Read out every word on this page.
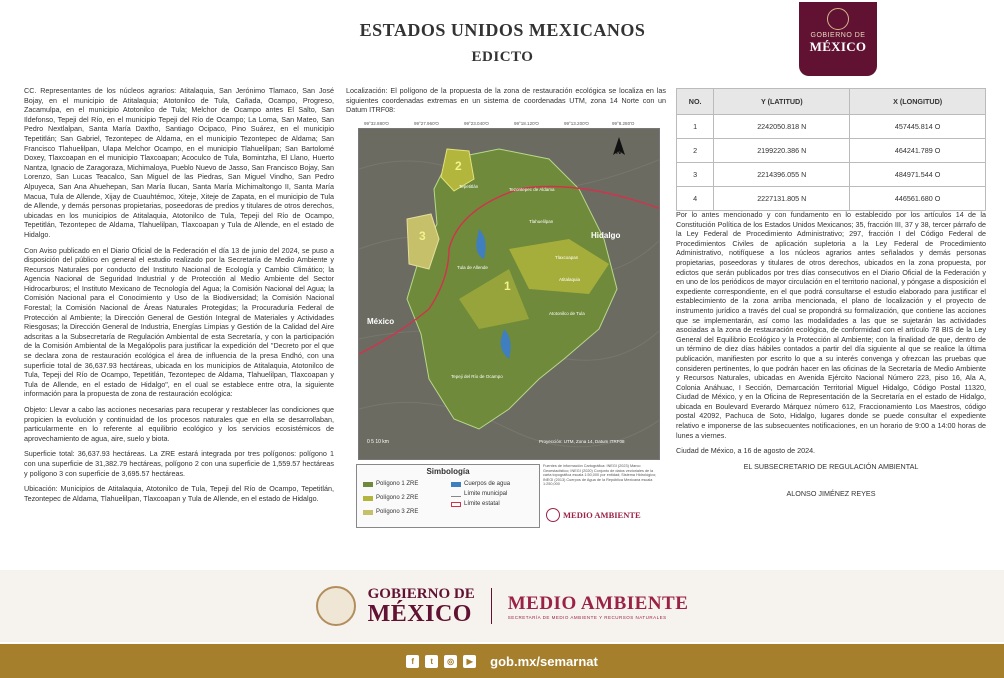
ESTADOS UNIDOS MEXICANOS
EDICTO
GOBIERNO DE
MÉXICO

CC. Representantes de los núcleos agrarios: Atitalaquia, San Jerónimo Tlamaco, San José Bojay, en el municipio de Atitalaquia; Atotonilco de Tula, Cañada, Ocampo, Progreso, Zacamulpa, en el municipio Atotonilco de Tula; Melchor de Ocampo antes El Salto, San Ildefonso, Tepeji del Río, en el municipio Tepeji del Río de Ocampo; La Loma, San Mateo, San Pedro Nextlalpan, Santa María Daxtho, Santiago Ocipaco, Pino Suárez, en el municipio Tepetitlán; San Gabriel, Tezontepec de Aldama, en el municipio Tezontepec de Aldama; San Francisco Tlahuelilpan, Ulapa Melchor Ocampo, en el municipio Tlahuelilpan; San Bartolomé Doxey, Tlaxcoapan en el municipio Tlaxcoapan; Acoculco de Tula, Bomintzha, El Llano, Huerto Nantza, Ignacio de Zaragoraza, Michimaloya, Pueblo Nuevo de Jasso, San Francisco Bojay, San Lorenzo, San Lucas Teacalco, San Miguel de las Piedras, San Miguel Vindho, San Pedro Alpuyeca, San Ana Ahuehepan, San María Ilucan, Santa María Michimaltongo II, Santa María Macua, Tula de Allende, Xijay de Cuauhtémoc, Xiteje, Xiteje de Zapata, en el municipio de Tula de Allende, y demás personas propietarias, poseedoras de predios y titulares de otros derechos, ubicadas en los municipios de Atitalaquia, Atotonilco de Tula, Tepeji del Río de Ocampo, Tepetitlán, Tezontepec de Aldama, Tlahuelilpan, Tlaxcoapan y Tula de Allende, en el estado de Hidalgo.

Con Aviso publicado en el Diario Oficial de la Federación el día 13 de junio del 2024, se puso a disposición del público en general el estudio realizado por la Secretaría de Medio Ambiente y Recursos Naturales por conducto del Instituto Nacional de Ecología y Cambio Climático; la Agencia Nacional de Seguridad Industrial y de Protección al Medio Ambiente del Sector Hidrocarburos; el Instituto Mexicano de Tecnología del Agua; la Comisión Nacional del Agua; la Comisión Nacional para el Conocimiento y Uso de la Biodiversidad; la Comisión Nacional Forestal; la Comisión Nacional de Áreas Naturales Protegidas; la Procuraduría Federal de Protección al Ambiente; la Dirección General de Gestión Integral de Materiales y Actividades Riesgosas; la Dirección General de Industria, Energías Limpias y Gestión de la Calidad del Aire adscritas a la Subsecretaría de Regulación Ambiental de esta Secretaría, y con la participación de la Comisión Ambiental de la Megalópolis para justificar la expedición del "Decreto por el que se declara zona de restauración ecológica el área de influencia de la presa Endhó, con una superficie total de 36,637.93 hectáreas, ubicada en los municipios de Atitalaquia, Atotonilco de Tula, Tepeji del Río de Ocampo, Tepetitlán, Tezontepec de Aldama, Tlahuelilpan, Tlaxcoapan y Tula de Allende, en el estado de Hidalgo", en el cual se establece entre otra, la siguiente información para la propuesta de zona de restauración ecológica:

Objeto: Llevar a cabo las acciones necesarias para recuperar y restablecer las condiciones que propicien la evolución y continuidad de los procesos naturales que en ella se desarrollaban, particularmente en lo referente al equilibrio ecológico y los servicios ecosistémicos de aprovechamiento de agua, aire, suelo y biota.

Superficie total: 36,637.93 hectáreas. La ZRE estará integrada por tres polígonos: polígono 1 con una superficie de 31,382.79 hectáreas, polígono 2 con una superficie de 1,559.57 hectáreas y polígono 3 con superficie de 3,695.57 hectáreas.

Ubicación: Municipios de Atitalaquia, Atotonilco de Tula, Tepeji del Río de Ocampo, Tepetitlán, Tezontepec de Aldama, Tlahuelilpan, Tlaxcoapan y Tula de Allende, en el estado de Hidalgo.

Localización: El polígono de la propuesta de la zona de restauración ecológica se localiza en las siguientes coordenadas extremas en un sistema de coordenadas UTM, zona 14 Norte con un Datum ITRF08:

99°32.880'O	99°27.960'O	99°23.040'O	99°18.120'O	99°13.200'O	99°8.280'O
Hidalgo
México
1
2
3
N
Tepetitlán
Tezontepec de Aldama
Tlahuelilpan
Tlaxcoapan
Tula de Allende
Atitalaquia
Atotonilco de Tula
Tepeji del Río de Ocampo
0 5 10 km	Proyección: UTM, Zona 14, Datum ITRF08
Simbología
Polígono 1 ZRE
Polígono 2 ZRE
Polígono 3 ZRE
Cuerpos de agua
Límite municipal
Límite estatal
Fuentes de información Cartográfica: INEGI (2023) Marco Geoestadístico; INEGI (2020) Conjunto de datos vectoriales de la carta topográfica escala 1:50,000 por entidad; Sistema Hidrológico; INEGI (2013) Cuerpos de Agua de la República Mexicana escala 1:250,000
MEDIO AMBIENTE
NO.	Y (LATITUD)	X (LONGITUD)
1	2242050.818 N	457445.814 O
2	2199220.386 N	464241.789 O
3	2214396.055 N	484971.544 O
4	2227131.805 N	446561.680 O

Por lo antes mencionado y con fundamento en lo establecido por los artículos 14 de la Constitución Política de los Estados Unidos Mexicanos; 35, fracción III, 37 y 38, tercer párrafo de la Ley Federal de Procedimiento Administrativo; 297, fracción I del Código Federal de Procedimientos Civiles de aplicación supletoria a la Ley Federal de Procedimiento Administrativo, notifíquese a los núcleos agrarios antes señalados y demás personas propietarias, poseedoras y titulares de otros derechos, ubicados en la zona propuesta, por edictos que serán publicados por tres días consecutivos en el Diario Oficial de la Federación y en uno de los periódicos de mayor circulación en el territorio nacional, y póngase a disposición el expediente correspondiente, en el que podrá consultarse el estudio elaborado para justificar el establecimiento de la zona arriba mencionada, el plano de localización y el proyecto de instrumento jurídico a través del cual se propondrá su formalización, que contiene las acciones que se implementarán, así como las modalidades a las que se sujetarán las actividades asociadas a la zona de restauración ecológica, de conformidad con el artículo 78 BIS de la Ley General del Equilibrio Ecológico y la Protección al Ambiente; con la finalidad de que, dentro de un término de diez días hábiles contados a partir del día siguiente al que se realice la última publicación, manifiesten por escrito lo que a su interés convenga y ofrezcan las pruebas que consideren pertinentes, lo que podrán hacer en las oficinas de la Secretaría de Medio Ambiente y Recursos Naturales, ubicadas en Avenida Ejército Nacional Número 223, piso 16, Ala A, Colonia Anáhuac, I Sección, Demarcación Territorial Miguel Hidalgo, Código Postal 11320, Ciudad de México, y en la Oficina de Representación de la Secretaría en el estado de Hidalgo, ubicada en Boulevard Everardo Márquez número 612, Fraccionamiento Los Maestros, código postal 42092, Pachuca de Soto, Hidalgo, lugares donde se puede consultar el expediente relativo e imponerse de las subsecuentes notificaciones, en un horario de 9:00 a 14:00 horas de lunes a viernes.

Ciudad de México, a 16 de agosto de 2024.

EL SUBSECRETARIO DE REGULACIÓN AMBIENTAL

ALONSO JIMÉNEZ REYES

GOBIERNO DE
MÉXICO MEDIO AMBIENTE
SECRETARÍA DE MEDIO AMBIENTE Y RECURSOS NATURALES
f	t	◎	▶ gob.mx/semarnat
